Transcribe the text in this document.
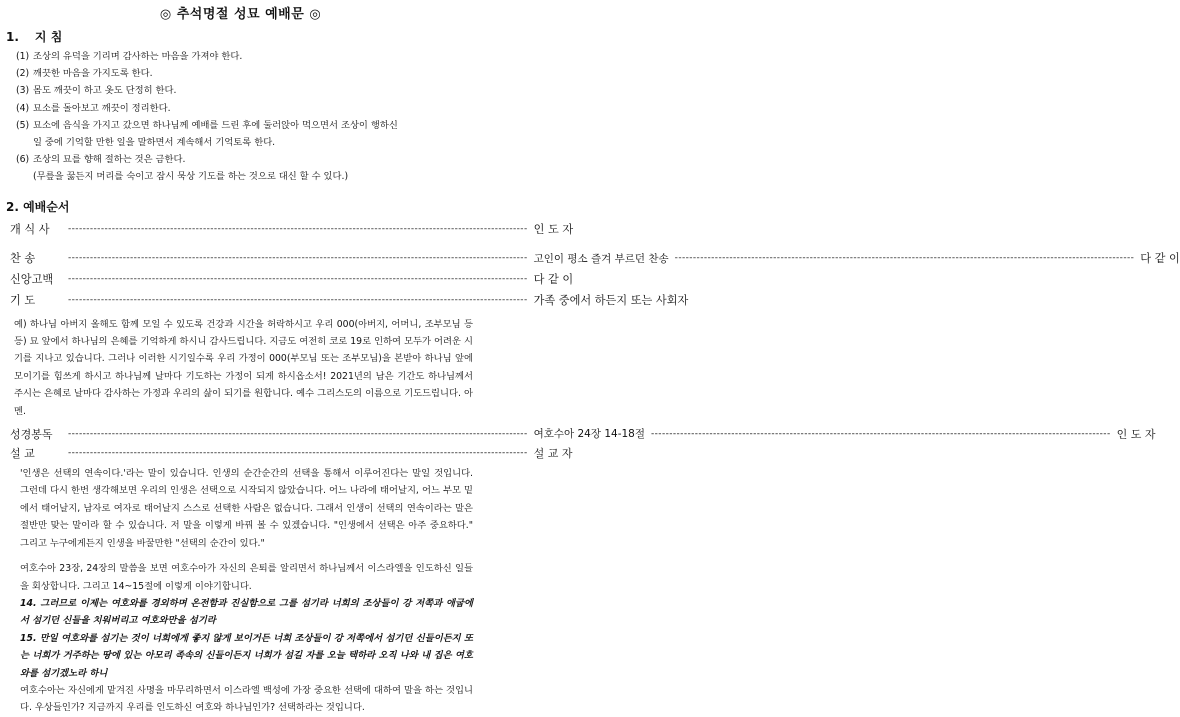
◎ 추석명절 성묘 예배문 ◎
1. 지 침
(1) 조상의 유덕을 기리며 감사하는 마음을 가져야 한다.
(2) 깨끗한 마음을 가지도록 한다.
(3) 몸도 깨끗이 하고 옷도 단정히 한다.
(4) 묘소를 돌아보고 깨끗이 정리한다.
(5) 묘소에 음식을 가지고 갔으면 하나님께 예배를 드린 후에 둘러앉아 먹으면서 조상이 행하신
일 중에 기억할 만한 일을 말하면서 계속해서 기억토록 한다.
(6) 조상의 묘를 향해 절하는 것은 금한다.
(무릎을 꿇든지 머리를 숙이고 잠시 묵상 기도를 하는 것으로 대신 할 수 있다.)
2. 예배순서
개 식 사	------------------------------------------------------------------------------------------------------------------------------ 인 도 자
찬 송	------------------------------------------------------------------------------------------------------------------------------ 고인이 평소 즐겨 부르던 찬송 ------------------------------------------------------------------------------------------------------------------------------ 다 같 이
신앙고백	------------------------------------------------------------------------------------------------------------------------------ 다 같 이
기 도	------------------------------------------------------------------------------------------------------------------------------ 가족 중에서 하든지 또는 사회자
예) 하나님 아버지 올해도 함께 모일 수 있도록 건강과 시간을 허락하시고 우리 000(아버지, 어머니, 조부모님 등등) 묘 앞에서 하나님의 은혜를 기억하게 하시니 감사드립니다. 지금도 여전히 코로 19로 인하여 모두가 어려운 시기를 지나고 있습니다. 그러나 이러한 시기일수록 우리 가정이 000(부모님 또는 조부모님)을 본받아 하나님 앞에 모이기를 힘쓰게 하시고 하나님께 날마다 기도하는 가정이 되게 하시옵소서! 2021년의 남은 기간도 하나님께서 주시는 은혜로 날마다 감사하는 가정과 우리의 삶이 되기를 원합니다. 예수 그리스도의 이름으로 기도드립니다. 아멘.
성경봉독	------------------------------------------------------------------------------------------------------------------------------ 여호수아 24장 14-18절 ------------------------------------------------------------------------------------------------------------------------------ 인 도 자
설 교	------------------------------------------------------------------------------------------------------------------------------ 설 교 자

'인생은 선택의 연속이다.'라는 말이 있습니다. 인생의 순간순간의 선택을 통해서 이루어진다는 말일 것입니다. 그런데 다시 한번 생각해보면 우리의 인생은 선택으로 시작되지 않았습니다. 어느 나라에 태어날지, 어느 부모 밑에서 태어날지, 남자로 여자로 태어날지 스스로 선택한 사람은 없습니다. 그래서 인생이 선택의 연속이라는 말은 절반만 맞는 말이라 할 수 있습니다. 저 말을 이렇게 바꿔 볼 수 있겠습니다. "인생에서 선택은 아주 중요하다." 그리고 누구에게든지 인생을 바꿀만한 "선택의 순간이 있다."

여호수아 23장, 24장의 말씀을 보면 여호수아가 자신의 은퇴를 알리면서 하나님께서 이스라엘을 인도하신 일들을 회상합니다. 그리고 14~15절에 이렇게 이야기합니다.

14. 그러므로 이제는 여호와를 경외하며 온전함과 진실함으로 그를 섬기라 너희의 조상들이 강 저쪽과 애굽에서 섬기던 신들을 치워버리고 여호와만을 섬기라

15. 만일 여호와를 섬기는 것이 너희에게 좋지 않게 보이거든 너희 조상들이 강 저쪽에서 섬기던 신들이든지 또는 너희가 거주하는 땅에 있는 아모리 족속의 신들이든지 너희가 섬길 자를 오늘 택하라 오직 나와 내 집은 여호와를 섬기겠노라 하니

여호수아는 자신에게 맡겨진 사명을 마무리하면서 이스라엘 백성에 가장 중요한 선택에 대하여 말을 하는 것입니다. 우상들인가? 지금까지 우리를 인도하신 여호와 하나님인가? 선택하라는 것입니다.
